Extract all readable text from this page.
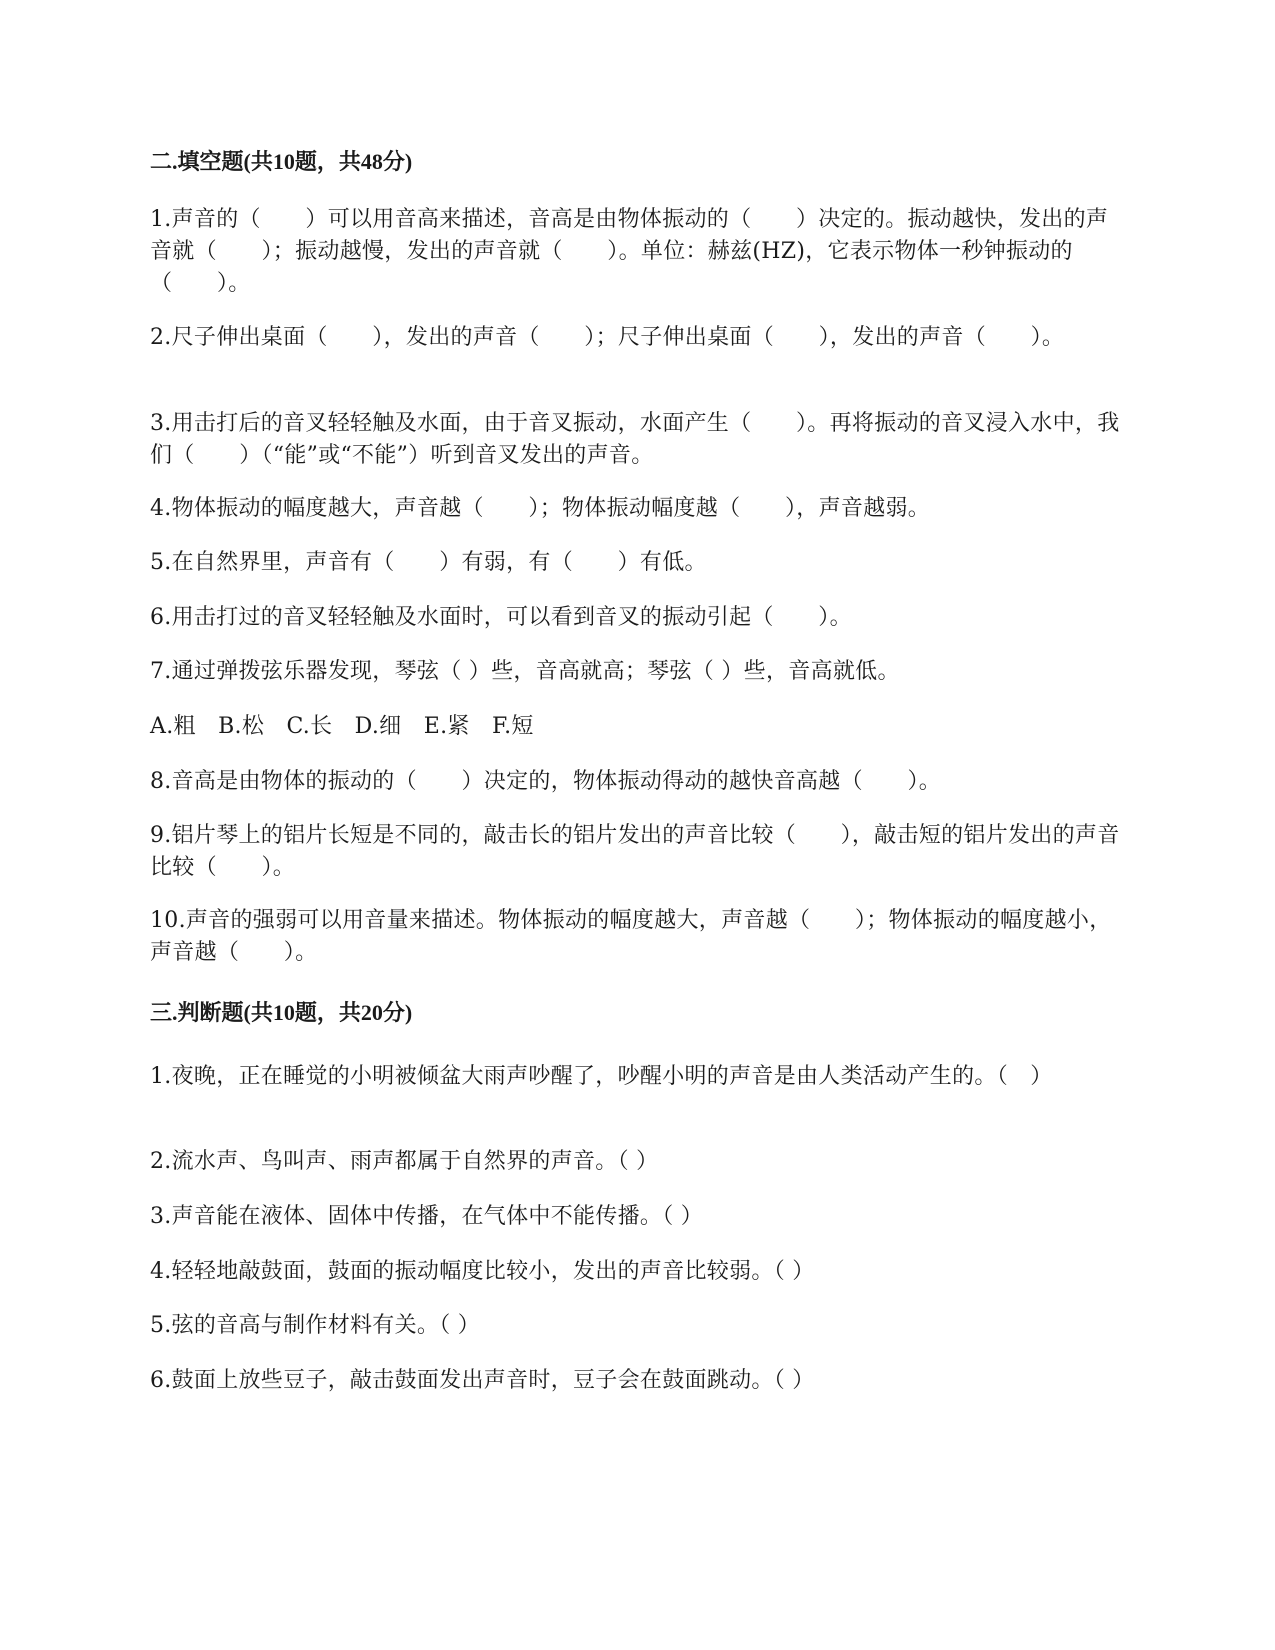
二.填空题(共10题，共48分)
1.声音的（　　）可以用音高来描述，音高是由物体振动的（　　）决定的。振动越快，发出的声音就（　　）；振动越慢，发出的声音就（　　）。单位：赫兹(HZ)，它表示物体一秒钟振动的（　　）。
2.尺子伸出桌面（　　），发出的声音（　　）；尺子伸出桌面（　　），发出的声音（　　）。
3.用击打后的音叉轻轻触及水面，由于音叉振动，水面产生（　　）。再将振动的音叉浸入水中，我们（　　）（“能”或“不能”）听到音叉发出的声音。
4.物体振动的幅度越大，声音越（　　）；物体振动幅度越（　　），声音越弱。
5.在自然界里，声音有（　　）有弱，有（　　）有低。
6.用击打过的音叉轻轻触及水面时，可以看到音叉的振动引起（　　）。
7.通过弹拨弦乐器发现，琴弦（ ）些，音高就高；琴弦（ ）些，音高就低。
A.粗　B.松　C.长　D.细　E.紧　F.短
8.音高是由物体的振动的（　　）决定的，物体振动得动的越快音高越（　　）。
9.铝片琴上的铝片长短是不同的，敲击长的铝片发出的声音比较（　　），敲击短的铝片发出的声音比较（　　）。
10.声音的强弱可以用音量来描述。物体振动的幅度越大，声音越（　　）；物体振动的幅度越小，声音越（　　）。
三.判断题(共10题，共20分)
1.夜晚，正在睡觉的小明被倾盆大雨声吵醒了，吵醒小明的声音是由人类活动产生的。（　）
2.流水声、鸟叫声、雨声都属于自然界的声音。（ ）
3.声音能在液体、固体中传播，在气体中不能传播。（ ）
4.轻轻地敲鼓面，鼓面的振动幅度比较小，发出的声音比较弱。（ ）
5.弦的音高与制作材料有关。（ ）
6.鼓面上放些豆子，敲击鼓面发出声音时，豆子会在鼓面跳动。（ ）
